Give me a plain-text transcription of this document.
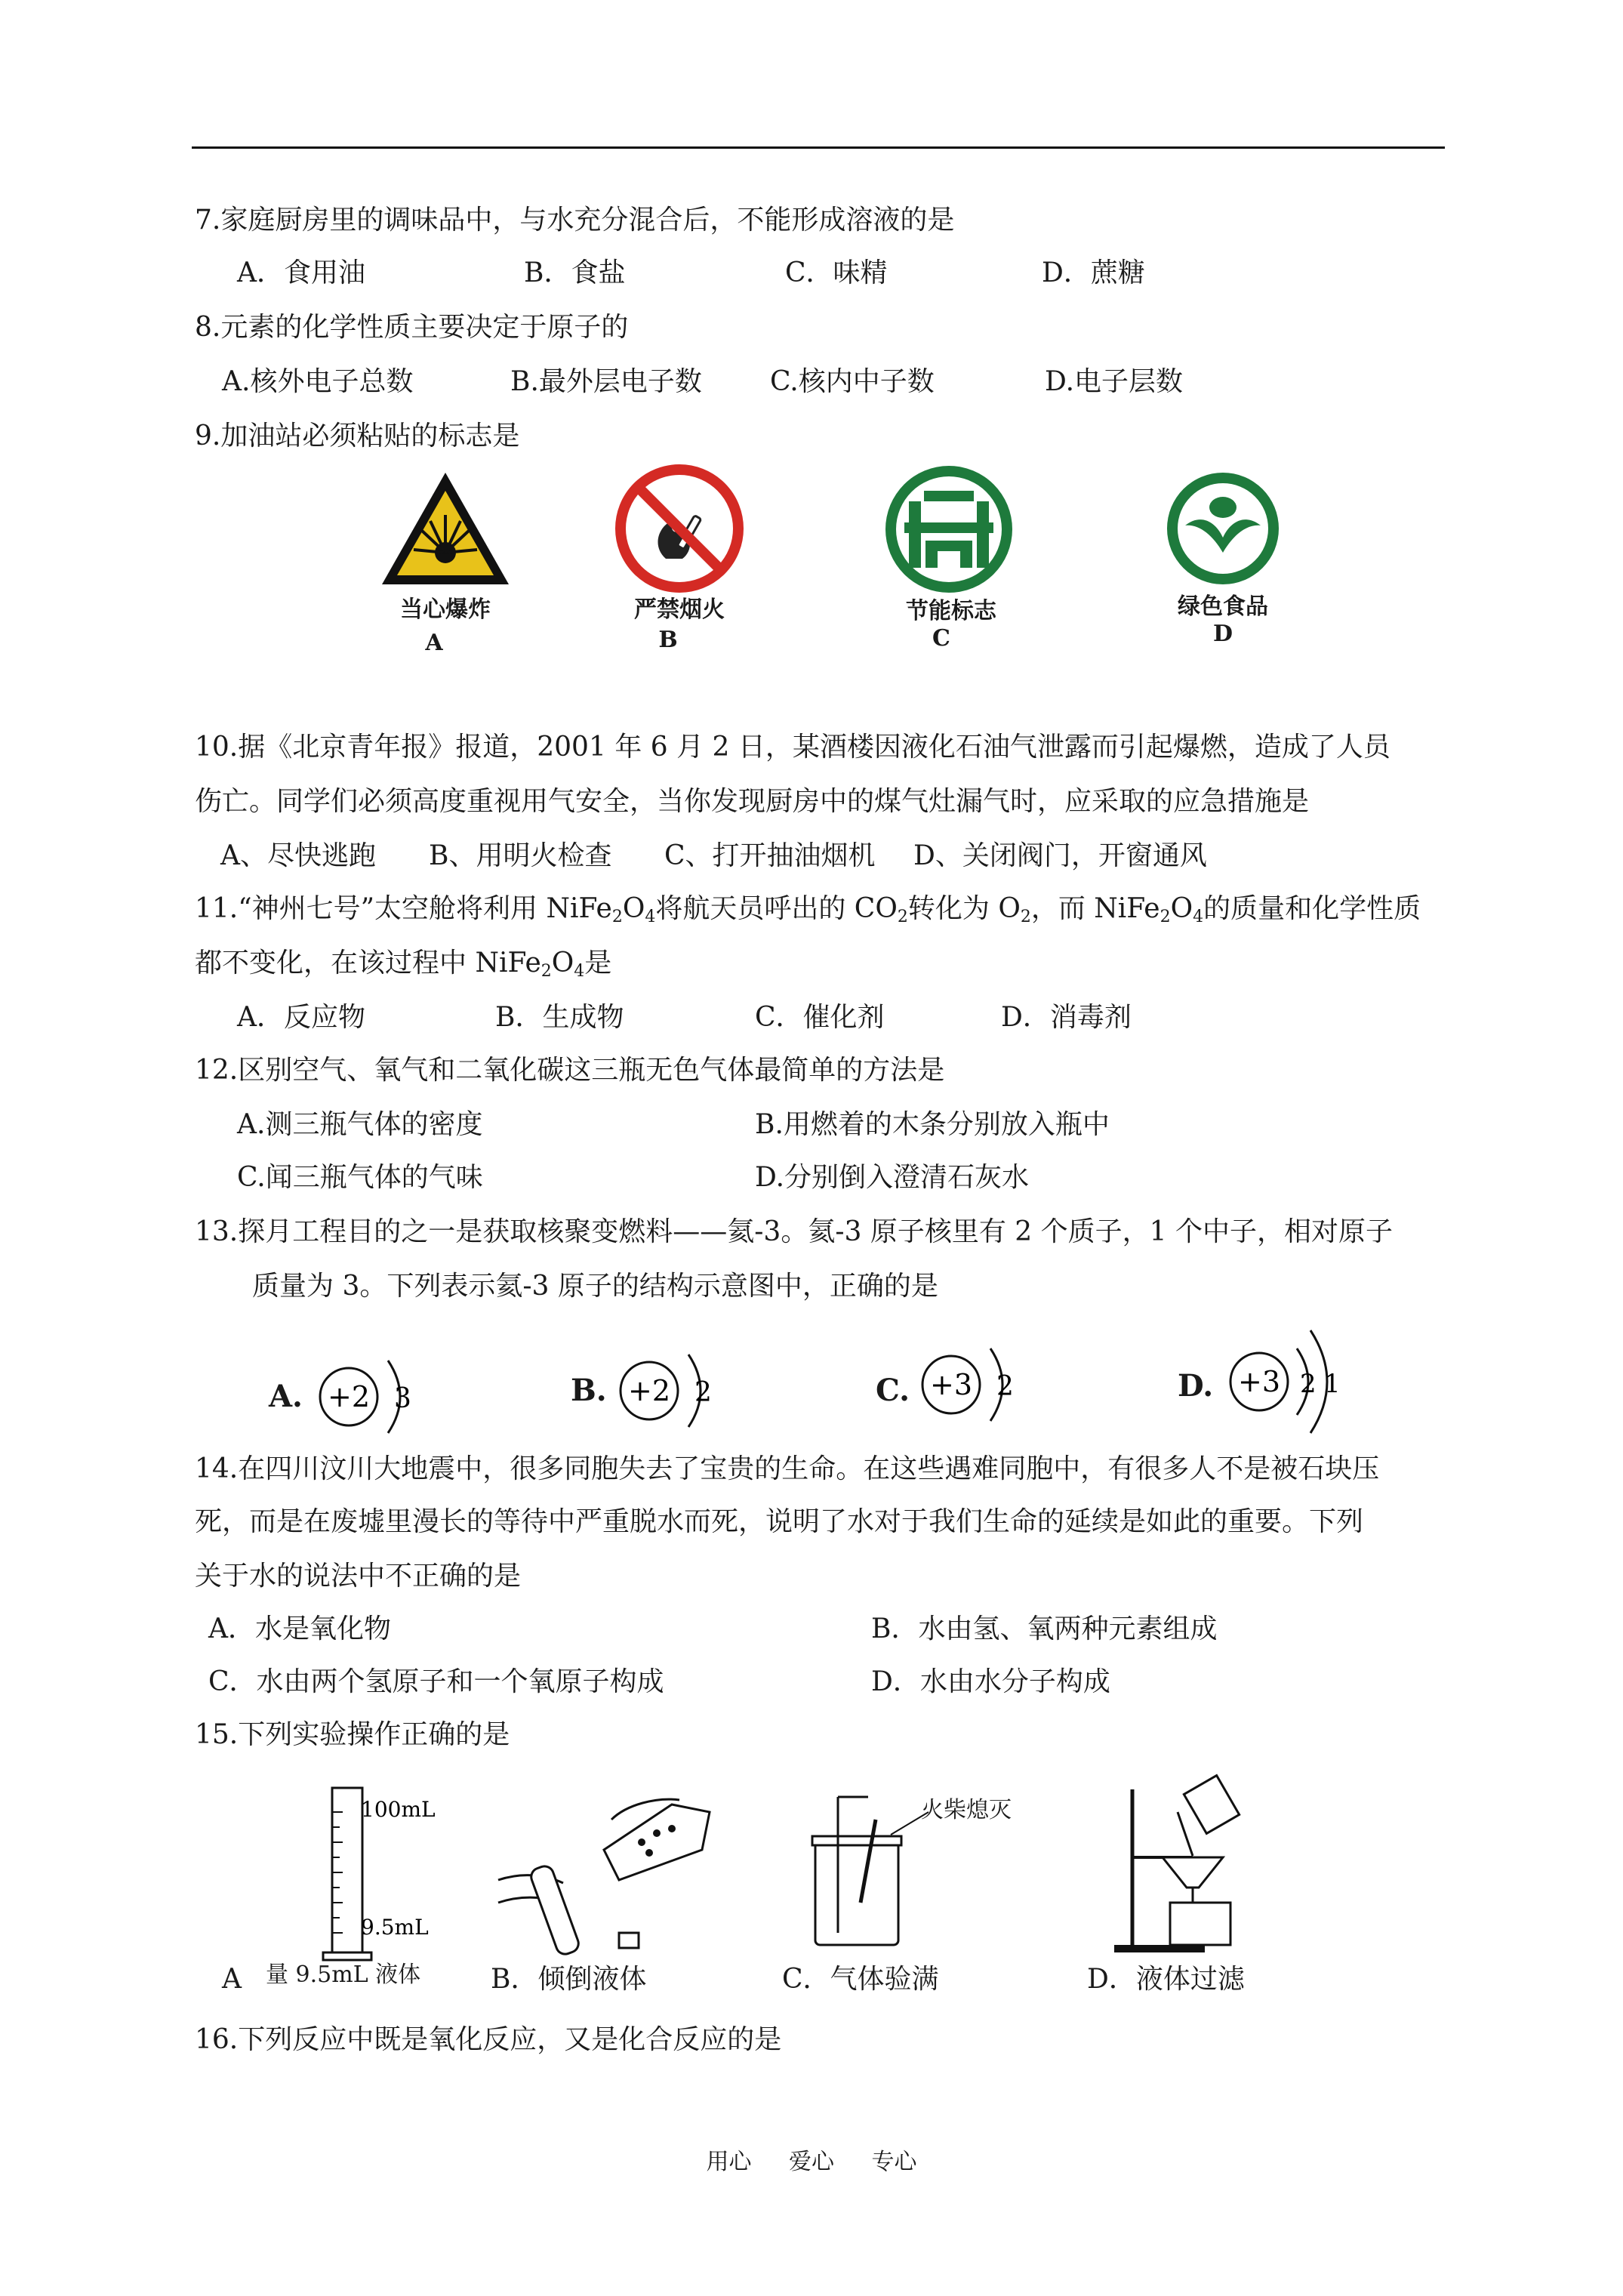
7.家庭厨房里的调味品中，与水充分混合后，不能形成溶液的是
A．食用油	B．食盐	C．味精	D．蔗糖
8.元素的化学性质主要决定于原子的
A.核外电子总数	B.最外层电子数	C.核内中子数	D.电子层数
9.加油站必须粘贴的标志是
当心爆炸
A
严禁烟火
B
节能标志
C
绿色食品
D
10.据《北京青年报》报道，2001 年 6 月 2 日，某酒楼因液化石油气泄露而引起爆燃，造成了人员
伤亡。同学们必须高度重视用气安全，当你发现厨房中的煤气灶漏气时，应采取的应急措施是
A、尽快逃跑 B、用明火检查 C、打开抽油烟机 D、关闭阀门，开窗通风
11.“神州七号”太空舱将利用 $NiFe_2O_4$将航天员呼出的 $CO_2$转化为 $O_2$，而 $NiFe_2O_4$的质量和化学性质
都不变化，在该过程中 $NiFe_2O_4$是
A．反应物	B．生成物	C．催化剂	D．消毒剂
12.区别空气、氧气和二氧化碳这三瓶无色气体最简单的方法是
A.测三瓶气体的密度	B.用燃着的木条分别放入瓶中
C.闻三瓶气体的气味	D.分别倒入澄清石灰水
13.探月工程目的之一是获取核聚变燃料——氦-3。氦-3 原子核里有 2 个质子，1 个中子，相对原子
质量为 3。下列表示氦-3 原子的结构示意图中，正确的是
A. +2 3	B. +2 2	C. +3 2	D. +3 2 1
14.在四川汶川大地震中，很多同胞失去了宝贵的生命。在这些遇难同胞中，有很多人不是被石块压
死，而是在废墟里漫长的等待中严重脱水而死，说明了水对于我们生命的延续是如此的重要。下列
关于水的说法中不正确的是
A．水是氧化物	B．水由氢、氧两种元素组成
C．水由两个氢原子和一个氧原子构成	D．水由水分子构成
15.下列实验操作正确的是
100mL
9.5mL
A 量 9.5mL 液体	B．倾倒液体
火柴熄灭
C．气体验满	D．液体过滤
16.下列反应中既是氧化反应，又是化合反应的是
用心 爱心 专心
